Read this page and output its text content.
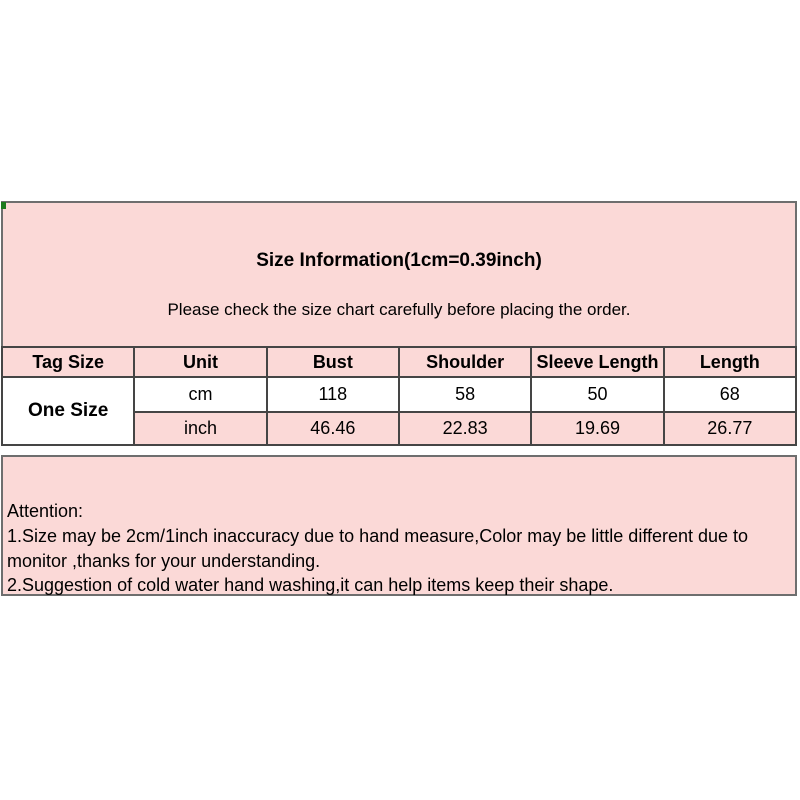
Size Information(1cm=0.39inch)
Please check the size chart carefully before placing the order.
Tag Size	Unit	Bust	Shoulder	Sleeve Length	Length
One Size	cm	118	58	50	68
	inch	46.46	22.83	19.69	26.77
Attention:
1.Size may be 2cm/1inch inaccuracy due to hand measure,Color may be little different due to
monitor ,thanks for your understanding.
2.Suggestion of cold water hand washing,it can help items keep their shape.
